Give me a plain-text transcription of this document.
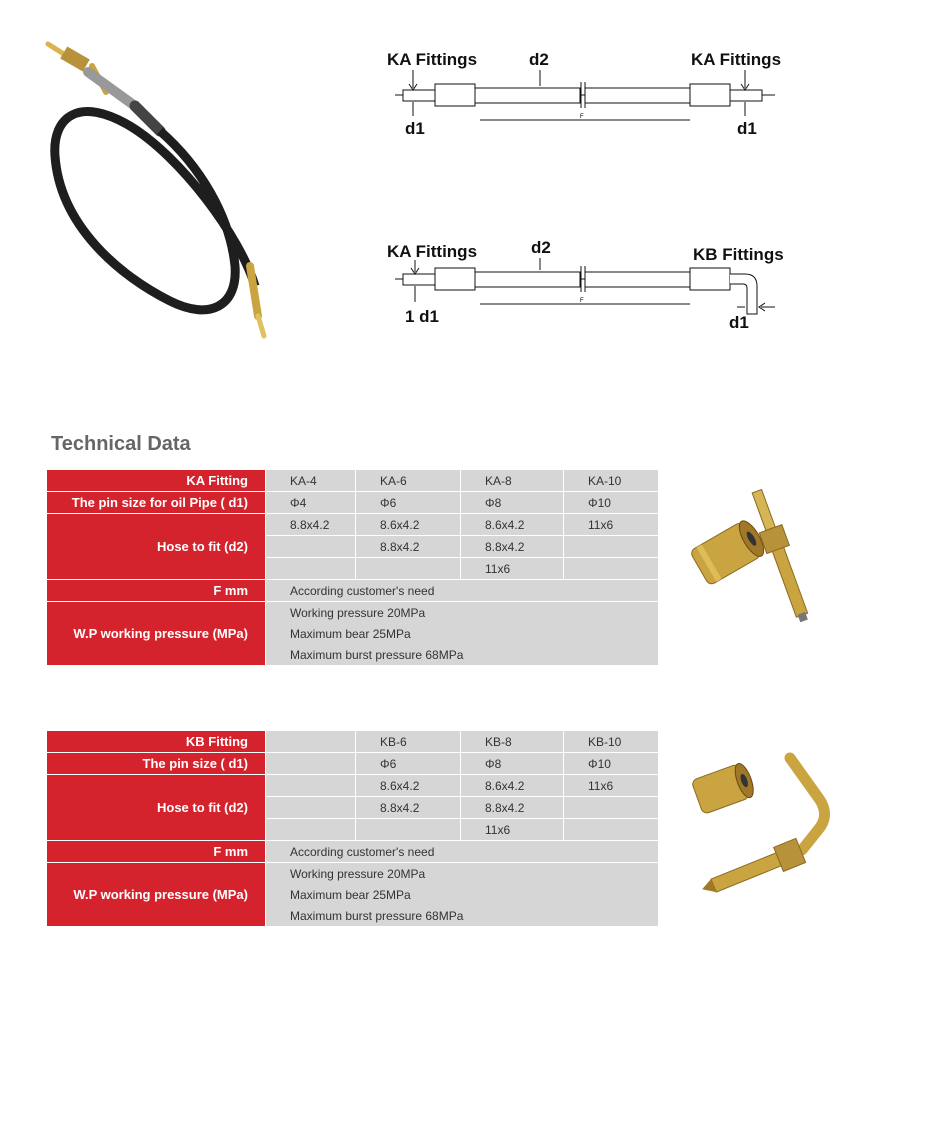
KA Fittings	d2	KA Fittings
F
d1	d1
KA Fittings	d2	KB Fittings
F
1 d1	d1
Technical Data
KA Fitting	KA-4	KA-6	KA-8	KA-10
The pin size for oil Pipe ( d1)	Φ4	Φ6	Φ8	Φ10
Hose to fit (d2)	8.8x4.2	8.6x4.2	8.6x4.2	11x6
		8.8x4.2	8.8x4.2	
			11x6	
F mm	According customer's need			
W.P working pressure (MPa)	Working pressure 20MPa			
	Maximum bear 25MPa			
	Maximum burst pressure 68MPa			
KB Fitting		KB-6	KB-8	KB-10
The pin size ( d1)		Φ6	Φ8	Φ10
Hose to fit (d2)		8.6x4.2	8.6x4.2	11x6
		8.8x4.2	8.8x4.2	
			11x6	
F mm	According customer's need			
W.P working pressure (MPa)	Working pressure 20MPa			
	Maximum bear 25MPa			
	Maximum burst pressure 68MPa			
